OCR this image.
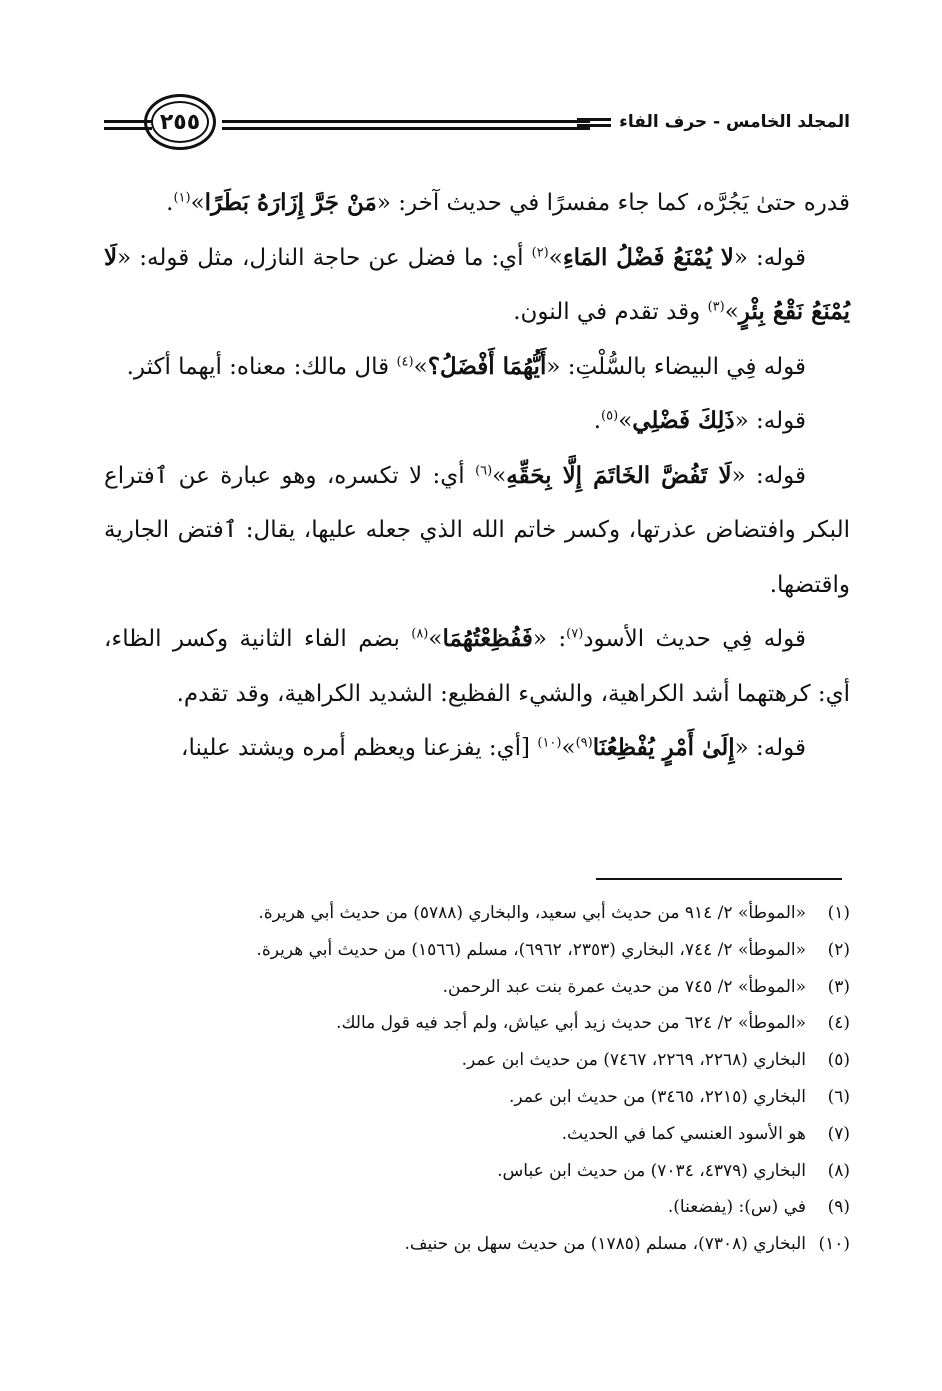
٢٥٥	المجلد الخامس - حرف الفاء

قدره حتىٰ يَجُرَّه، كما جاء مفسرًا في حديث آخر: «مَنْ جَرَّ إِزَارَهُ بَطَرًا»$^{(١)}$.

قوله: «لا يُمْنَعُ فَضْلُ المَاءِ»$^{(٢)}$ أي: ما فضل عن حاجة النازل، مثل قوله: «لَا يُمْنَعُ نَقْعُ بِئْرٍ»$^{(٣)}$ وقد تقدم في النون.

قوله فِي البيضاء بالسُّلْتِ: «أَيُّهُمَا أَفْضَلُ؟»$^{(٤)}$ قال مالك: معناه: أيهما أكثر.

قوله: «ذَلِكَ فَضْلِي»$^{(٥)}$.

قوله: «لَا تَفُضَّ الخَاتَمَ إِلَّا بِحَقِّهِ»$^{(٦)}$ أي: لا تكسره، وهو عبارة عن ٱفتراع البكر وافتضاض عذرتها، وكسر خاتم الله الذي جعله عليها، يقال: ٱفتض الجارية واقتضها.

قوله فِي حديث الأسود$^{(٧)}$: «فَفُظِعْتُهُمَا»$^{(٨)}$ بضم الفاء الثانية وكسر الظاء، أي: كرهتهما أشد الكراهية، والشيء الفظيع: الشديد الكراهية، وقد تقدم.

قوله: «إِلَىٰ أَمْرٍ يُفْظِعُنَا$^{(٩)}$»$^{(١٠)}$ [أي: يفزعنا ويعظم أمره ويشتد علينا،

(١)
«الموطأ» ٢/ ٩١٤ من حديث أبي سعيد، والبخاري (٥٧٨٨) من حديث أبي هريرة.
(٢)
«الموطأ» ٢/ ٧٤٤، البخاري (٢٣٥٣، ٦٩٦٢)، مسلم (١٥٦٦) من حديث أبي هريرة.
(٣)
«الموطأ» ٢/ ٧٤٥ من حديث عمرة بنت عبد الرحمن.
(٤)
«الموطأ» ٢/ ٦٢٤ من حديث زيد أبي عياش، ولم أجد فيه قول مالك.
(٥)
البخاري (٢٢٦٨، ٢٢٦٩، ٧٤٦٧) من حديث ابن عمر.
(٦)
البخاري (٢٢١٥، ٣٤٦٥) من حديث ابن عمر.
(٧)
هو الأسود العنسي كما في الحديث.
(٨)
البخاري (٤٣٧٩، ٧٠٣٤) من حديث ابن عباس.
(٩)
في (س): (يفضعنا).
(١٠)
البخاري (٧٣٠٨)، مسلم (١٧٨٥) من حديث سهل بن حنيف.
